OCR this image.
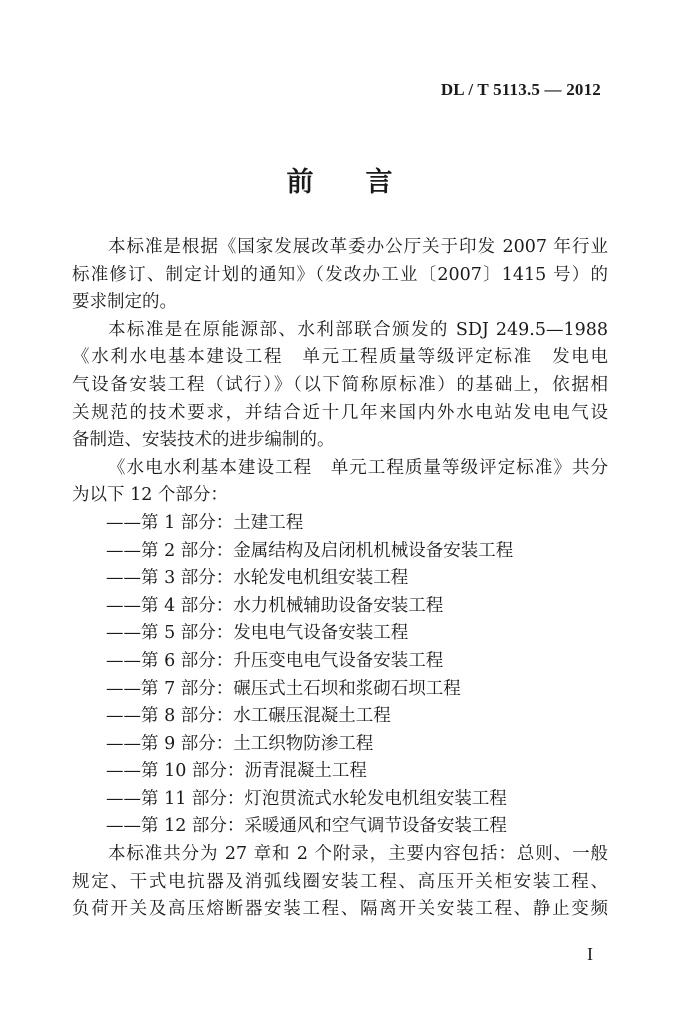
DL / T 5113.5 — 2012
前言

本标准是根据《国家发展改革委办公厅关于印发 2007 年行业

标准修订、制定计划的通知》（发改办工业〔2007〕1415 号）的

要求制定的。

本标准是在原能源部、水利部联合颁发的 SDJ 249.5—1988

《水利水电基本建设工程　单元工程质量等级评定标准　发电电

气设备安装工程（试行）》（以下简称原标准）的基础上，依据相

关规范的技术要求，并结合近十几年来国内外水电站发电电气设

备制造、安装技术的进步编制的。

《水电水利基本建设工程　单元工程质量等级评定标准》共分

为以下 12 个部分：

——第 1 部分：土建工程
——第 2 部分：金属结构及启闭机机械设备安装工程
——第 3 部分：水轮发电机组安装工程
——第 4 部分：水力机械辅助设备安装工程
——第 5 部分：发电电气设备安装工程
——第 6 部分：升压变电电气设备安装工程
——第 7 部分：碾压式土石坝和浆砌石坝工程
——第 8 部分：水工碾压混凝土工程
——第 9 部分：土工织物防渗工程
——第 10 部分：沥青混凝土工程
——第 11 部分：灯泡贯流式水轮发电机组安装工程
——第 12 部分：采暖通风和空气调节设备安装工程

本标准共分为 27 章和 2 个附录，主要内容包括：总则、一般

规定、干式电抗器及消弧线圈安装工程、高压开关柜安装工程、

负荷开关及高压熔断器安装工程、隔离开关安装工程、静止变频

I
